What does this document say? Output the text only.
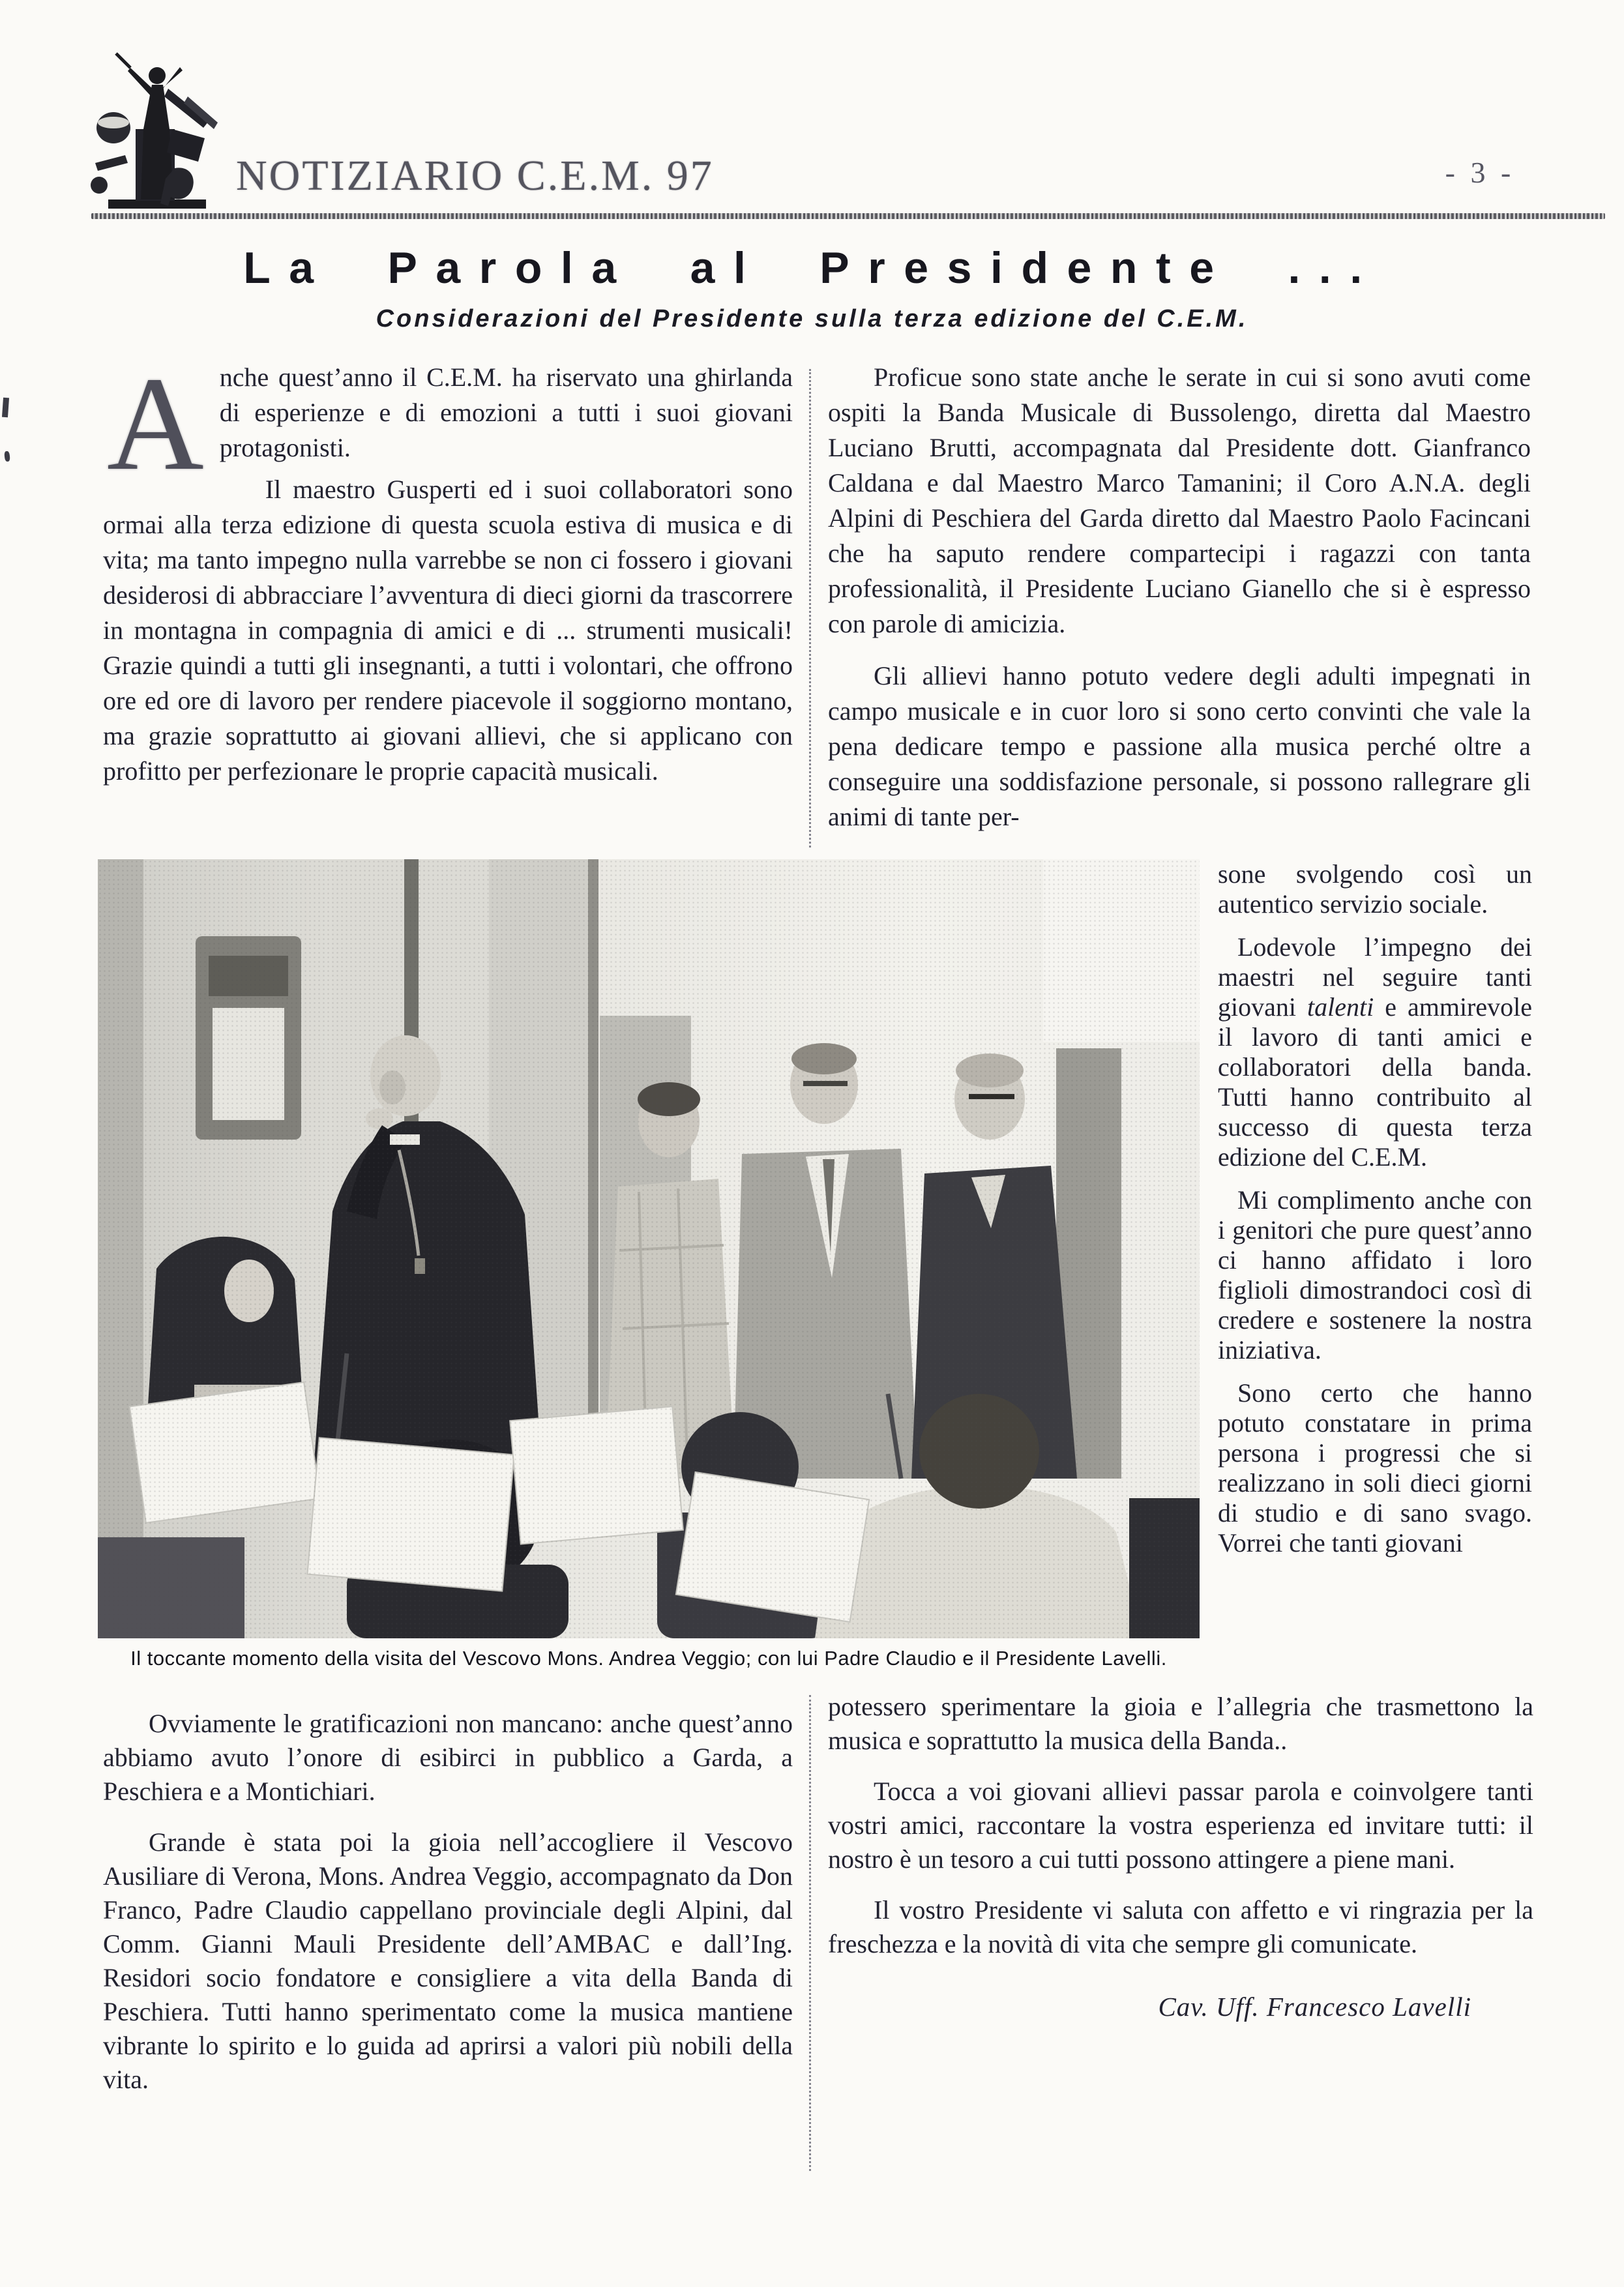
NOTIZIARIO C.E.M. 97	- 3 -
La Parola al Presidente ...
Considerazioni del Presidente sulla terza edizione del C.E.M.

Anche quest’anno il C.E.M. ha riservato una ghirlanda di esperienze e di emozioni a tutti i suoi giovani protagonisti.

Il maestro Gusperti ed i suoi collaboratori sono ormai alla terza edizione di questa scuola estiva di musica e di vita; ma tanto impegno nulla varrebbe se non ci fossero i giovani desiderosi di abbracciare l’avventura di dieci giorni da trascorrere in montagna in compagnia di amici e di ... strumenti musicali! Grazie quindi a tutti gli insegnanti, a tutti i volontari, che offrono ore ed ore di lavoro per rendere piacevole il soggiorno montano, ma grazie soprattutto ai giovani allievi, che si applicano con profitto per perfezionare le proprie capacità musicali.

Proficue sono state anche le serate in cui si sono avuti come ospiti la Banda Musicale di Bussolengo, diretta dal Maestro Luciano Brutti, accompagnata dal Presidente dott. Gianfranco Caldana e dal Maestro Marco Tamanini; il Coro A.N.A. degli Alpini di Peschiera del Garda diretto dal Maestro Paolo Facincani che ha saputo rendere compartecipi i ragazzi con tanta professionalità, il Presidente Luciano Gianello che si è espresso con parole di amicizia.

Gli allievi hanno potuto vedere degli adulti impegnati in campo musicale e in cuor loro si sono certo convinti che vale la pena dedicare tempo e passione alla musica perché oltre a conseguire una soddisfazione personale, si possono rallegrare gli animi di tante per-

Il toccante momento della visita del Vescovo Mons. Andrea Veggio; con lui Padre Claudio e il Presidente Lavelli.

sone svolgendo così un autentico servizio sociale.

Lodevole l’impegno dei maestri nel seguire tanti giovani talenti e ammirevole il lavoro di tanti amici e collaboratori della banda. Tutti hanno contribuito al successo di questa terza edizione del C.E.M.

Mi complimento anche con i genitori che pure quest’anno ci hanno affidato i loro figlioli dimostrandoci così di credere e sostenere la nostra iniziativa.

Sono certo che hanno potuto constatare in prima persona i progressi che si realizzano in soli dieci giorni di studio e di sano svago. Vorrei che tanti giovani

Ovviamente le gratificazioni non mancano: anche quest’anno abbiamo avuto l’onore di esibirci in pubblico a Garda, a Peschiera e a Montichiari.

Grande è stata poi la gioia nell’accogliere il Vescovo Ausiliare di Verona, Mons. Andrea Veggio, accompagnato da Don Franco, Padre Claudio cappellano provinciale degli Alpini, dal Comm. Gianni Mauli Presidente dell’AMBAC e dall’Ing. Residori socio fondatore e consigliere a vita della Banda di Peschiera. Tutti hanno sperimentato come la musica mantiene vibrante lo spirito e lo guida ad aprirsi a valori più nobili della vita.

potessero sperimentare la gioia e l’allegria che trasmettono la musica e soprattutto la musica della Banda..

Tocca a voi giovani allievi passar parola e coinvolgere tanti vostri amici, raccontare la vostra esperienza ed invitare tutti: il nostro è un tesoro a cui tutti possono attingere a piene mani.

Il vostro Presidente vi saluta con affetto e vi ringrazia per la freschezza e la novità di vita che sempre gli comunicate.

Cav. Uff. Francesco Lavelli
